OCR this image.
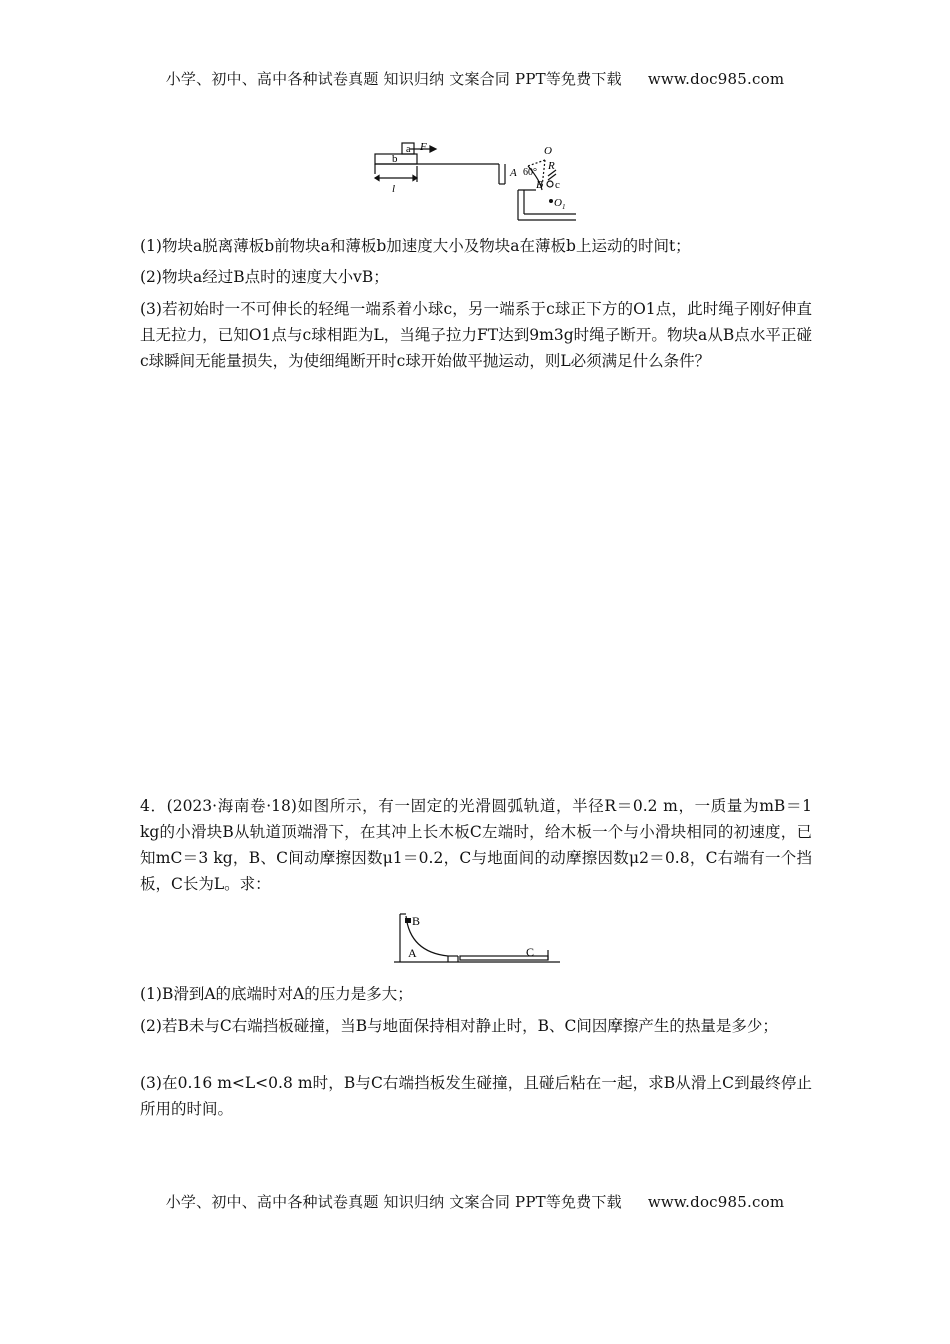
小学、初中、高中各种试卷真题 知识归纳 文案合同 PPT等免费下载 www.doc985.com
a
b
F
l
O
R
A 60°
B c
$O_1$
(1)物块a脱离薄板b前物块a和薄板b加速度大小及物块a在薄板b上运动的时间t；
(2)物块a经过B点时的速度大小vB；
(3)若初始时一不可伸长的轻绳一端系着小球c，另一端系于c球正下方的O1点，此时绳子刚好伸直且无拉力，已知O1点与c球相距为L，当绳子拉力FT达到9m3g时绳子断开。物块a从B点水平正碰c球瞬间无能量损失，为使细绳断开时c球开始做平抛运动，则L必须满足什么条件？
4．(2023·海南卷·18)如图所示，有一固定的光滑圆弧轨道，半径R＝0.2 m，一质量为mB＝1 kg的小滑块B从轨道顶端滑下，在其冲上长木板C左端时，给木板一个与小滑块相同的初速度，已知mC＝3 kg，B、C间动摩擦因数μ1＝0.2，C与地面间的动摩擦因数μ2＝0.8，C右端有一个挡板，C长为L。求：
B
A	C
(1)B滑到A的底端时对A的压力是多大；
(2)若B未与C右端挡板碰撞，当B与地面保持相对静止时，B、C间因摩擦产生的热量是多少；
(3)在0.16 m<L<0.8 m时，B与C右端挡板发生碰撞，且碰后粘在一起，求B从滑上C到最终停止所用的时间。
小学、初中、高中各种试卷真题 知识归纳 文案合同 PPT等免费下载 www.doc985.com
